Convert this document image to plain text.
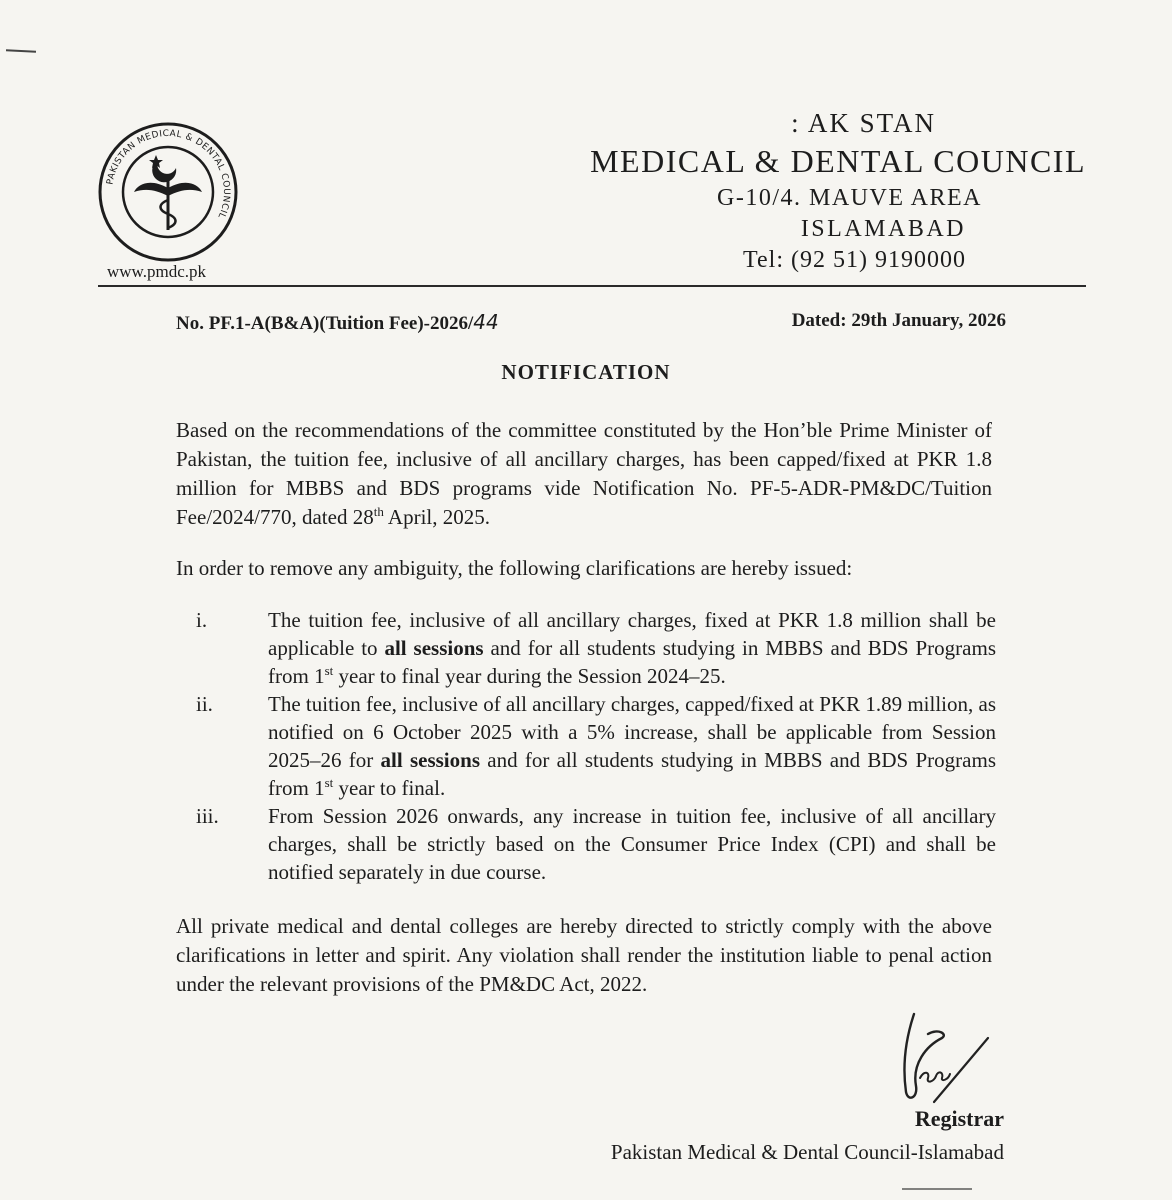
PAKISTAN MEDICAL & DENTAL COUNCIL
www.pmdc.pk
: AK STAN
MEDICAL & DENTAL COUNCIL
G-10/4. MAUVE AREA
ISLAMABAD
Tel: (92 51) 9190000
No. PF.1-A(B&A)(Tuition Fee)-2026/44	Dated: 29th January, 2026
NOTIFICATION
Based on the recommendations of the committee constituted by the Hon’ble Prime Minister of Pakistan, the tuition fee, inclusive of all ancillary charges, has been capped/fixed at PKR 1.8 million for MBBS and BDS programs vide Notification No. PF-5-ADR-PM&DC/Tuition Fee/2024/770, dated 28th April, 2025.
In order to remove any ambiguity, the following clarifications are hereby issued:
i.	The tuition fee, inclusive of all ancillary charges, fixed at PKR 1.8 million shall be applicable to all sessions and for all students studying in MBBS and BDS Programs from 1st year to final year during the Session 2024–25.
ii.	The tuition fee, inclusive of all ancillary charges, capped/fixed at PKR 1.89 million, as notified on 6 October 2025 with a 5% increase, shall be applicable from Session 2025–26 for all sessions and for all students studying in MBBS and BDS Programs from 1st year to final.
iii.	From Session 2026 onwards, any increase in tuition fee, inclusive of all ancillary charges, shall be strictly based on the Consumer Price Index (CPI) and shall be notified separately in due course.
All private medical and dental colleges are hereby directed to strictly comply with the above clarifications in letter and spirit. Any violation shall render the institution liable to penal action under the relevant provisions of the PM&DC Act, 2022.
Registrar
Pakistan Medical & Dental Council-Islamabad
